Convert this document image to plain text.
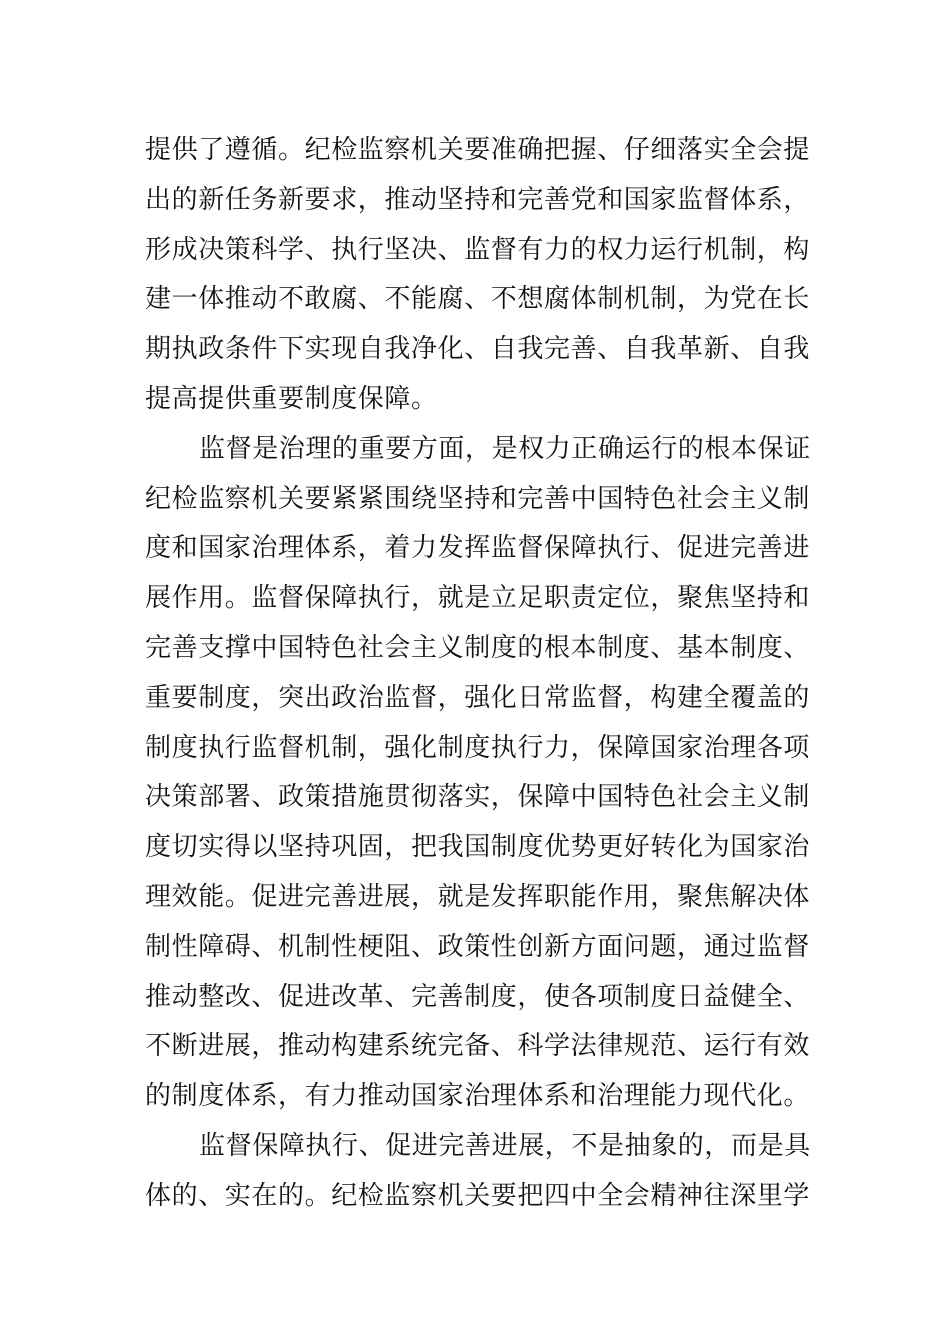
提供了遵循。纪检监察机关要准确把握、仔细落实全会提
出的新任务新要求，推动坚持和完善党和国家监督体系，
形成决策科学、执行坚决、监督有力的权力运行机制，构
建一体推动不敢腐、不能腐、不想腐体制机制，为党在长
期执政条件下实现自我净化、自我完善、自我革新、自我
提高提供重要制度保障。
监督是治理的重要方面，是权力正确运行的根本保证
纪检监察机关要紧紧围绕坚持和完善中国特色社会主义制
度和国家治理体系，着力发挥监督保障执行、促进完善进
展作用。监督保障执行，就是立足职责定位，聚焦坚持和
完善支撑中国特色社会主义制度的根本制度、基本制度、
重要制度，突出政治监督，强化日常监督，构建全覆盖的
制度执行监督机制，强化制度执行力，保障国家治理各项
决策部署、政策措施贯彻落实，保障中国特色社会主义制
度切实得以坚持巩固，把我国制度优势更好转化为国家治
理效能。促进完善进展，就是发挥职能作用，聚焦解决体
制性障碍、机制性梗阻、政策性创新方面问题，通过监督
推动整改、促进改革、完善制度，使各项制度日益健全、
不断进展，推动构建系统完备、科学法律规范、运行有效
的制度体系，有力推动国家治理体系和治理能力现代化。
监督保障执行、促进完善进展，不是抽象的，而是具
体的、实在的。纪检监察机关要把四中全会精神往深里学
